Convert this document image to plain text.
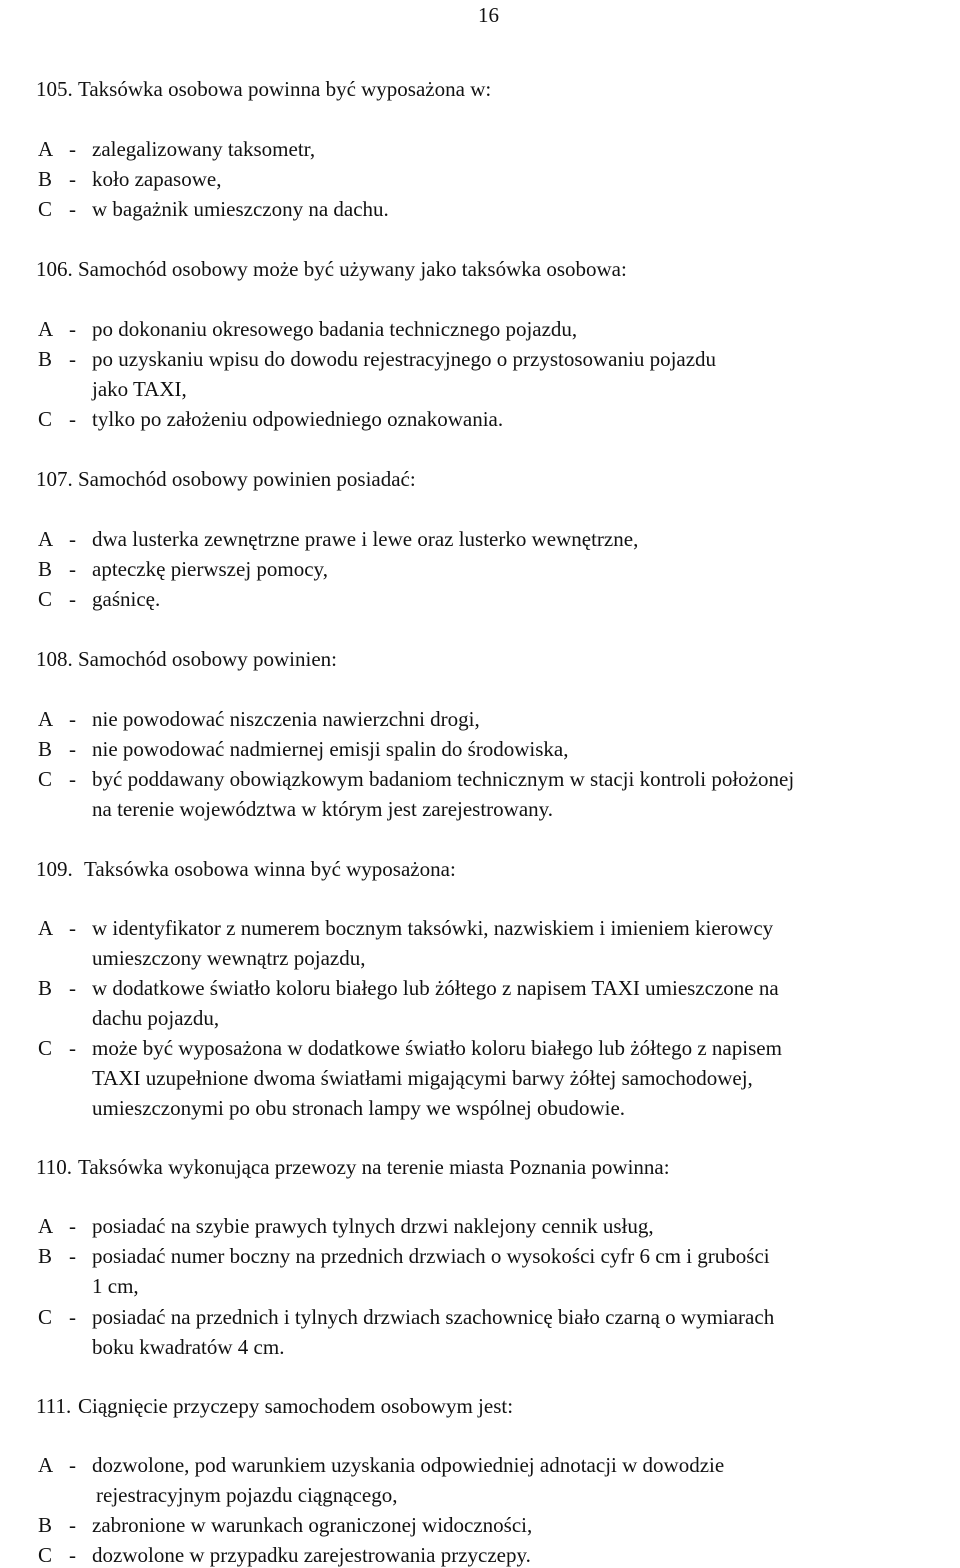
16
105. Taksówka osobowa powinna być wyposażona w:
A - zalegalizowany taksometr,
B - koło zapasowe,
C - w bagażnik umieszczony na dachu.
106. Samochód osobowy może być używany jako taksówka osobowa:
A - po dokonaniu okresowego badania technicznego pojazdu,
B - po uzyskaniu wpisu do dowodu rejestracyjnego o przystosowaniu pojazdu
jako TAXI,
C - tylko po założeniu odpowiedniego oznakowania.
107. Samochód osobowy powinien posiadać:
A - dwa lusterka zewnętrzne prawe i lewe oraz lusterko wewnętrzne,
B - apteczkę pierwszej pomocy,
C - gaśnicę.
108. Samochód osobowy powinien:
A - nie powodować niszczenia nawierzchni drogi,
B - nie powodować nadmiernej emisji spalin do środowiska,
C - być poddawany obowiązkowym badaniom technicznym w stacji kontroli położonej
na terenie województwa w którym jest zarejestrowany.
109. Taksówka osobowa winna być wyposażona:
A - w identyfikator z numerem bocznym taksówki, nazwiskiem i imieniem kierowcy
umieszczony wewnątrz pojazdu,
B - w dodatkowe światło koloru białego lub żółtego z napisem TAXI umieszczone na
dachu pojazdu,
C - może być wyposażona w dodatkowe światło koloru białego lub żółtego z napisem
TAXI uzupełnione dwoma światłami migającymi barwy żółtej samochodowej,
umieszczonymi po obu stronach lampy we wspólnej obudowie.
110. Taksówka wykonująca przewozy na terenie miasta Poznania powinna:
A - posiadać na szybie prawych tylnych drzwi naklejony cennik usług,
B - posiadać numer boczny na przednich drzwiach o wysokości cyfr 6 cm i grubości
1 cm,
C - posiadać na przednich i tylnych drzwiach szachownicę biało czarną o wymiarach
boku kwadratów 4 cm.
111. Ciągnięcie przyczepy samochodem osobowym jest:
A - dozwolone, pod warunkiem uzyskania odpowiedniej adnotacji w dowodzie
rejestracyjnym pojazdu ciągnącego,
B - zabronione w warunkach ograniczonej widoczności,
C - dozwolone w przypadku zarejestrowania przyczepy.
